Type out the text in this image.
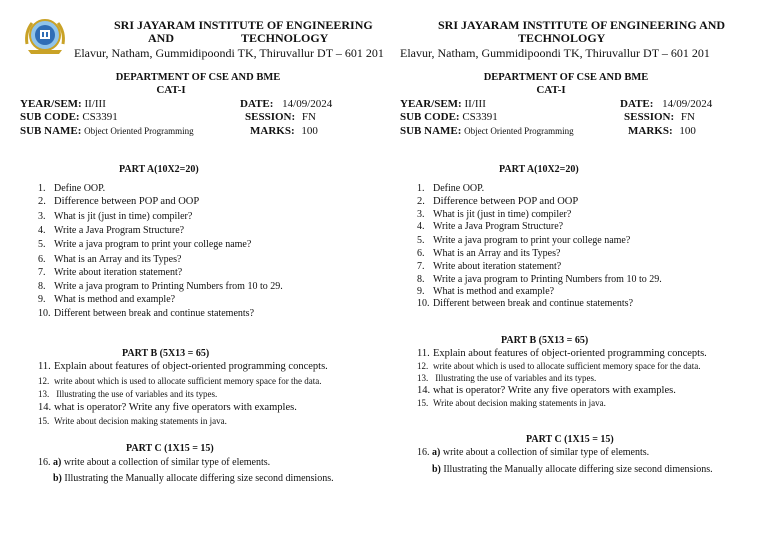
SRI JAYARAM INSTITUTE OF ENGINEERING
AND	TECHNOLOGY
Elavur, Natham, Gummidipoondi TK, Thiruvallur DT – 601 201
DEPARTMENT OF CSE AND BME
CAT-I
YEAR/SEM: II/III	DATE: 14/09/2024
SUB CODE: CS3391	SESSION: FN
SUB NAME: Object Oriented Programming	MARKS: 100
PART A(10X2=20)
1. Define OOP.
2. Difference between POP and OOP
3. What is jit (just in time) compiler?
4. Write a Java Program Structure?
5. Write a java program to print your college name?
6. What is an Array and its Types?
7. Write about iteration statement?
8. Write a java program to Printing Numbers from 10 to 29.
9. What is method and example?
10. Different between break and continue statements?
PART B (5X13 = 65)
11. Explain about features of object-oriented programming concepts.
12. write about which is used to allocate sufficient memory space for the data.
13. Illustrating the use of variables and its types.
14. what is operator? Write any five operators with examples.
15. Write about decision making statements in java.
PART C (1X15 = 15)
16. a) write about a collection of similar type of elements.
b) Illustrating the Manually allocate differing size second dimensions.
SRI JAYARAM INSTITUTE OF ENGINEERING AND
TECHNOLOGY
Elavur, Natham, Gummidipoondi TK, Thiruvallur DT – 601 201
DEPARTMENT OF CSE AND BME
CAT-I
YEAR/SEM: II/III	DATE: 14/09/2024
SUB CODE: CS3391	SESSION: FN
SUB NAME: Object Oriented Programming	MARKS: 100
PART A(10X2=20)
1. Define OOP.
2. Difference between POP and OOP
3. What is jit (just in time) compiler?
4. Write a Java Program Structure?
5. Write a java program to print your college name?
6. What is an Array and its Types?
7. Write about iteration statement?
8. Write a java program to Printing Numbers from 10 to 29.
9. What is method and example?
10. Different between break and continue statements?
PART B (5X13 = 65)
11. Explain about features of object-oriented programming concepts.
12. write about which is used to allocate sufficient memory space for the data.
13. Illustrating the use of variables and its types.
14. what is operator? Write any five operators with examples.
15. Write about decision making statements in java.
PART C (1X15 = 15)
16. a) write about a collection of similar type of elements.
b) Illustrating the Manually allocate differing size second dimensions.
